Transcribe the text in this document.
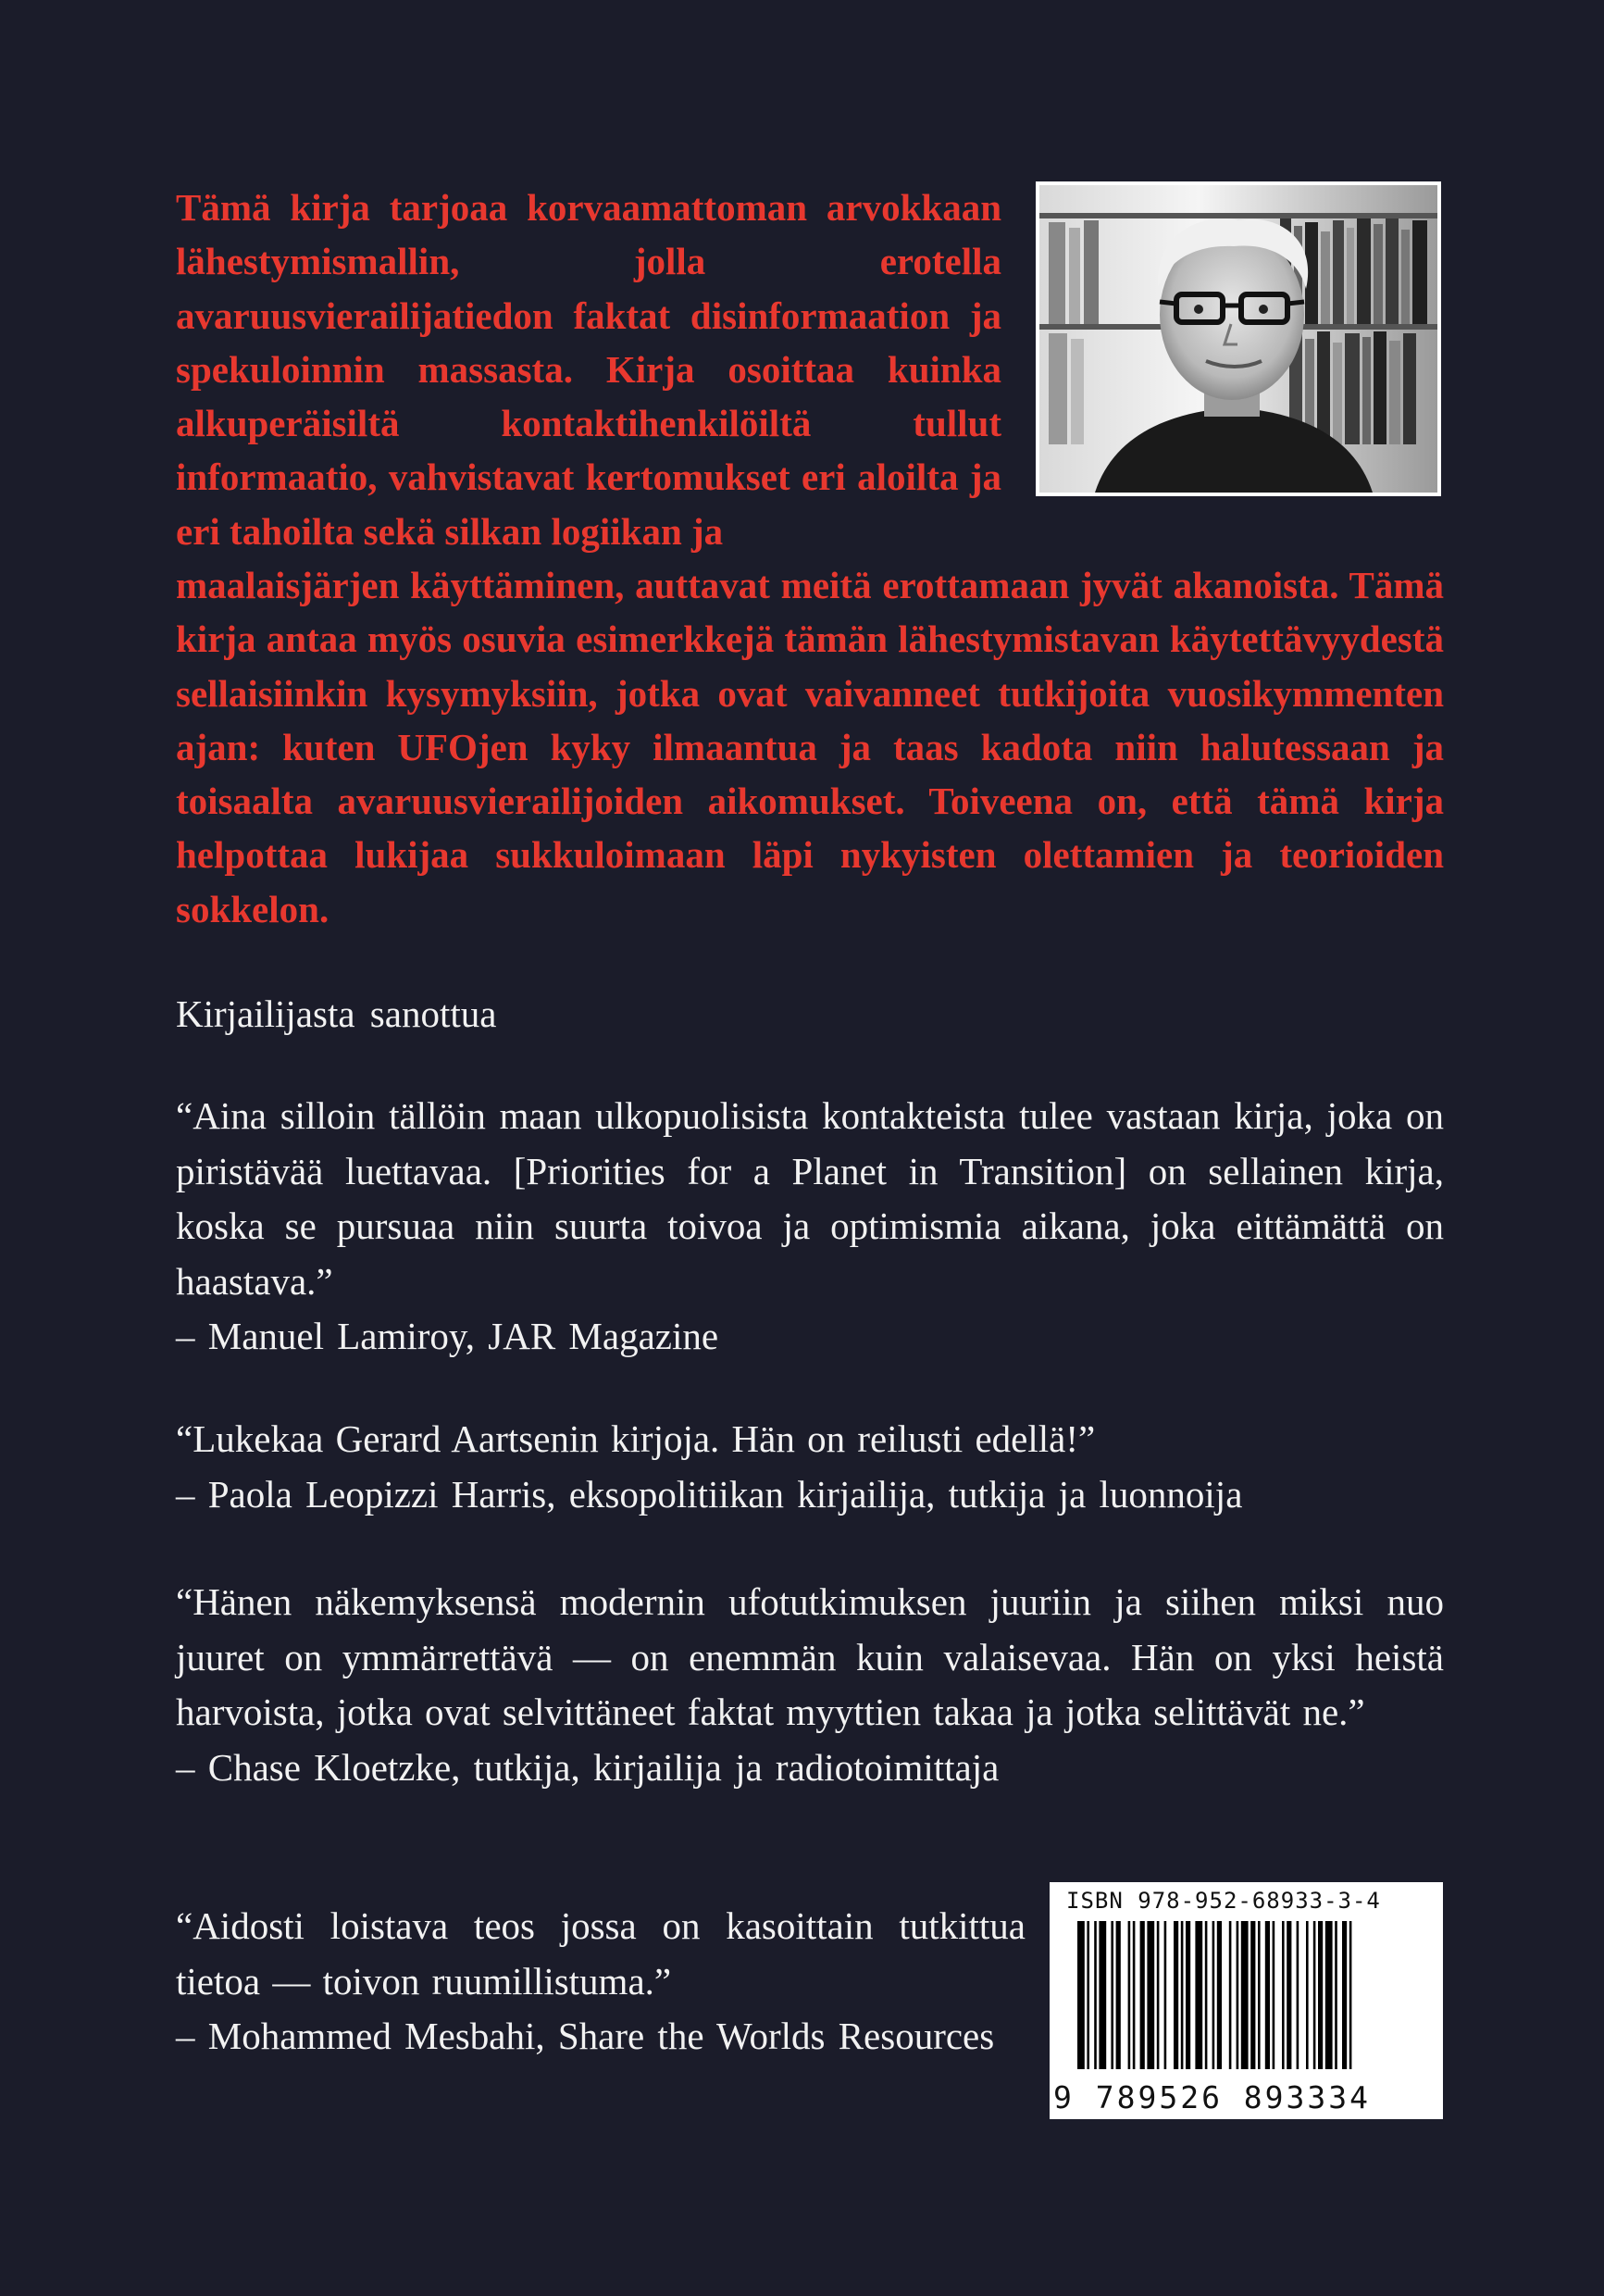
Tämä kirja tarjoaa korvaamattoman arvokkaan lähestymismallin, jolla erotella avaruusvierailijatiedon faktat disinformaation ja spekuloinnin massasta. Kirja osoittaa kuinka alkuperäisiltä kontaktihenkilöiltä tullut informaatio, vahvistavat kertomukset eri aloilta ja eri tahoilta sekä silkan logiikan ja

maalaisjärjen käyttäminen, auttavat meitä erottamaan jyvät akanoista. Tämä kirja antaa myös osuvia esimerkkejä tämän lähestymistavan käytettävyydestä sellaisiinkin kysymyksiin, jotka ovat vaivanneet tutkijoita vuosikymmenten ajan: kuten UFOjen kyky ilmaantua ja taas kadota niin halutessaan ja toisaalta avaruusvierailijoiden aikomukset. Toiveena on, että tämä kirja helpottaa lukijaa sukkuloimaan läpi nykyisten olettamien ja teorioiden sokkelon.

Kirjailijasta sanottua

“Aina silloin tällöin maan ulkopuolisista kontakteista tulee vastaan kirja, joka on piristävää luettavaa. [Priorities for a Planet in Transition] on sellainen kirja, koska se pursuaa niin suurta toivoa ja optimismia aikana, joka eittämättä on haastava.”
– Manuel Lamiroy, JAR Magazine
“Lukekaa Gerard Aartsenin kirjoja. Hän on reilusti edellä!”
– Paola Leopizzi Harris, eksopolitiikan kirjailija, tutkija ja luonnoija
“Hänen näkemyksensä modernin ufotutkimuksen juuriin ja siihen miksi nuo juuret on ymmärrettävä –– on enemmän kuin valaisevaa. Hän on yksi heistä harvoista, jotka ovat selvittäneet faktat myyttien takaa ja jotka selittävät ne.”
– Chase Kloetzke, tutkija, kirjailija ja radiotoimittaja
“Aidosti loistava teos jossa on kasoittain tutkittua tietoa –– toivon ruumillistuma.”
– Mohammed Mesbahi, Share the Worlds Resources
ISBN 978-952-68933-3-4
9 789526 893334
